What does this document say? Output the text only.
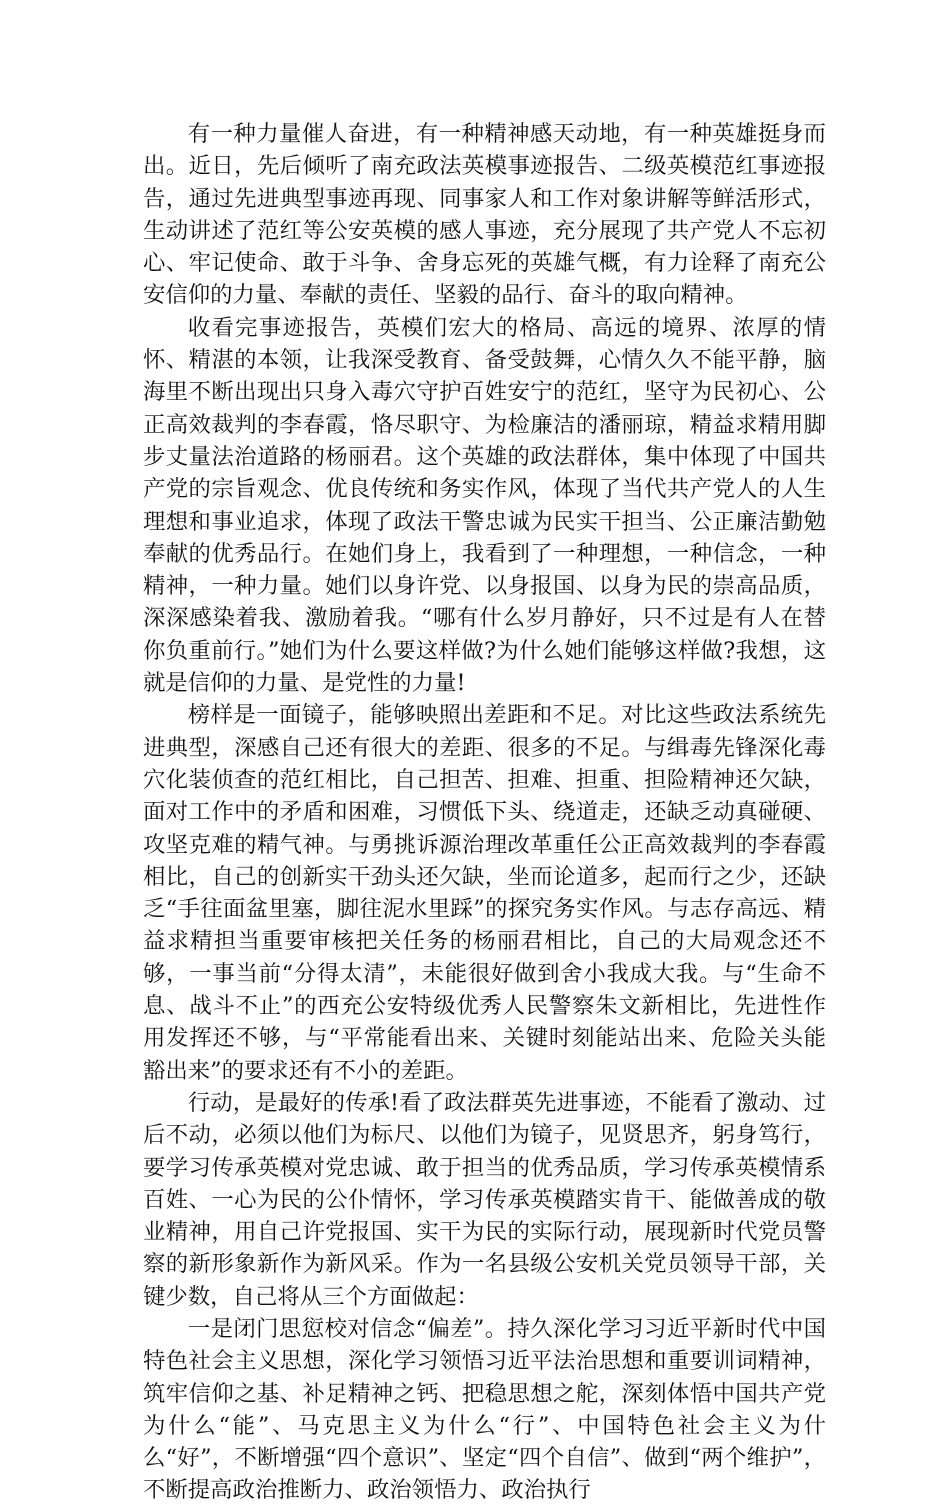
有一种力量催人奋进，有一种精神感天动地，有一种英雄挺身而出。近日，先后倾听了南充政法英模事迹报告、二级英模范红事迹报告，通过先进典型事迹再现、同事家人和工作对象讲解等鲜活形式，生动讲述了范红等公安英模的感人事迹，充分展现了共产党人不忘初心、牢记使命、敢于斗争、舍身忘死的英雄气概，有力诠释了南充公安信仰的力量、奉献的责任、坚毅的品行、奋斗的取向精神。

收看完事迹报告，英模们宏大的格局、高远的境界、浓厚的情怀、精湛的本领，让我深受教育、备受鼓舞，心情久久不能平静，脑海里不断出现出只身入毒穴守护百姓安宁的范红，坚守为民初心、公正高效裁判的李春霞，恪尽职守、为检廉洁的潘丽琼，精益求精用脚步丈量法治道路的杨丽君。这个英雄的政法群体，集中体现了中国共产党的宗旨观念、优良传统和务实作风，体现了当代共产党人的人生理想和事业追求，体现了政法干警忠诚为民实干担当、公正廉洁勤勉奉献的优秀品行。在她们身上，我看到了一种理想，一种信念，一种精神，一种力量。她们以身许党、以身报国、以身为民的崇高品质，深深感染着我、激励着我。“哪有什么岁月静好，只不过是有人在替你负重前行。”她们为什么要这样做?为什么她们能够这样做?我想，这就是信仰的力量、是党性的力量!

榜样是一面镜子，能够映照出差距和不足。对比这些政法系统先进典型，深感自己还有很大的差距、很多的不足。与缉毒先锋深化毒穴化装侦查的范红相比，自己担苦、担难、担重、担险精神还欠缺，面对工作中的矛盾和困难，习惯低下头、绕道走，还缺乏动真碰硬、攻坚克难的精气神。与勇挑诉源治理改革重任公正高效裁判的李春霞相比，自己的创新实干劲头还欠缺，坐而论道多，起而行之少，还缺乏“手往面盆里塞，脚往泥水里踩”的探究务实作风。与志存高远、精益求精担当重要审核把关任务的杨丽君相比，自己的大局观念还不够，一事当前“分得太清”，未能很好做到舍小我成大我。与“生命不息、战斗不止”的西充公安特级优秀人民警察朱文新相比，先进性作用发挥还不够，与“平常能看出来、关键时刻能站出来、危险关头能豁出来”的要求还有不小的差距。

行动，是最好的传承!看了政法群英先进事迹，不能看了激动、过后不动，必须以他们为标尺、以他们为镜子，见贤思齐，躬身笃行，要学习传承英模对党忠诚、敢于担当的优秀品质，学习传承英模情系百姓、一心为民的公仆情怀，学习传承英模踏实肯干、能做善成的敬业精神，用自己许党报国、实干为民的实际行动，展现新时代党员警察的新形象新作为新风采。作为一名县级公安机关党员领导干部，关键少数，自己将从三个方面做起：

一是闭门思愆校对信念“偏差”。持久深化学习习近平新时代中国特色社会主义思想，深化学习领悟习近平法治思想和重要训词精神，筑牢信仰之基、补足精神之钙、把稳思想之舵，深刻体悟中国共产党为什么“能”、马克思主义为什么“行”、中国特色社会主义为什么“好”，不断增强“四个意识”、坚定“四个自信”、做到“两个维护”，不断提高政治推断力、政治领悟力、政治执行
